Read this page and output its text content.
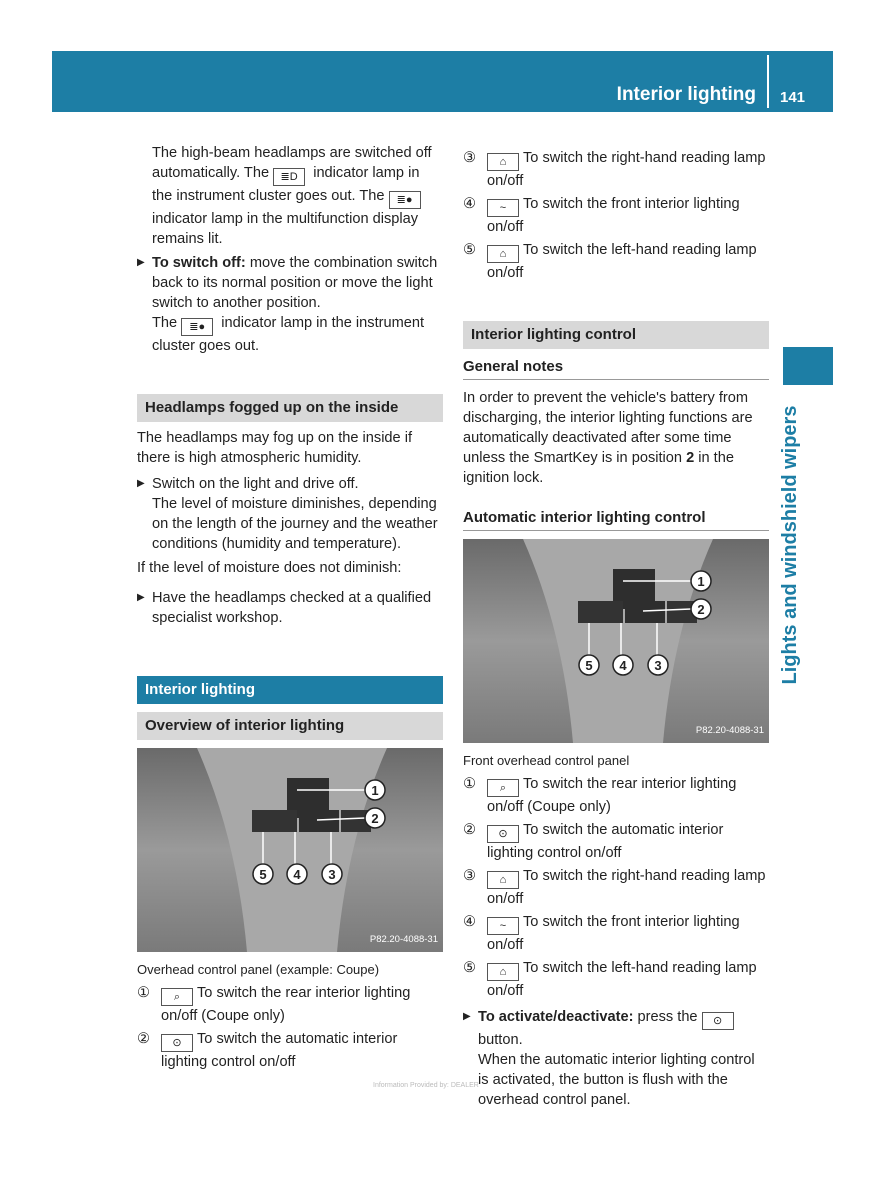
Interior lighting 141
Lights and windshield wipers

The high-beam headlamps are switched off automatically. The ≣D indicator lamp in the instrument cluster goes out. The ≣● indicator lamp in the multifunction display remains lit.

▶ To switch off: move the combination switch back to its normal position or move the light switch to another position.
The ≣● indicator lamp in the instrument cluster goes out.
Headlamps fogged up on the inside

The headlamps may fog up on the inside if there is high atmospheric humidity.

▶ Switch on the light and drive off.
The level of moisture diminishes, depending on the length of the journey and the weather conditions (humidity and temperature).

If the level of moisture does not diminish:

▶ Have the headlamps checked at a qualified specialist workshop.
Interior lighting
Overview of interior lighting
1
2
5 4 3
P82.20-4088-31

Overhead control panel (example: Coupe)

① ⌕ To switch the rear interior lighting on/off (Coupe only)
② ⊙ To switch the automatic interior lighting control on/off
③ ⌂ To switch the right-hand reading lamp on/off
④ ~ To switch the front interior lighting on/off
⑤ ⌂ To switch the left-hand reading lamp on/off
Interior lighting control
General notes

In order to prevent the vehicle's battery from discharging, the interior lighting functions are automatically deactivated after some time unless the SmartKey is in position 2 in the ignition lock.

Automatic interior lighting control
1
2
5 4 3
P82.20-4088-31

Front overhead control panel

① ⌕ To switch the rear interior lighting on/off (Coupe only)
② ⊙ To switch the automatic interior lighting control on/off
③ ⌂ To switch the right-hand reading lamp on/off
④ ~ To switch the front interior lighting on/off
⑤ ⌂ To switch the left-hand reading lamp on/off
▶ To activate/deactivate: press the ⊙ button.
When the automatic interior lighting control is activated, the button is flush with the overhead control panel.
Information Provided by: DEALER
